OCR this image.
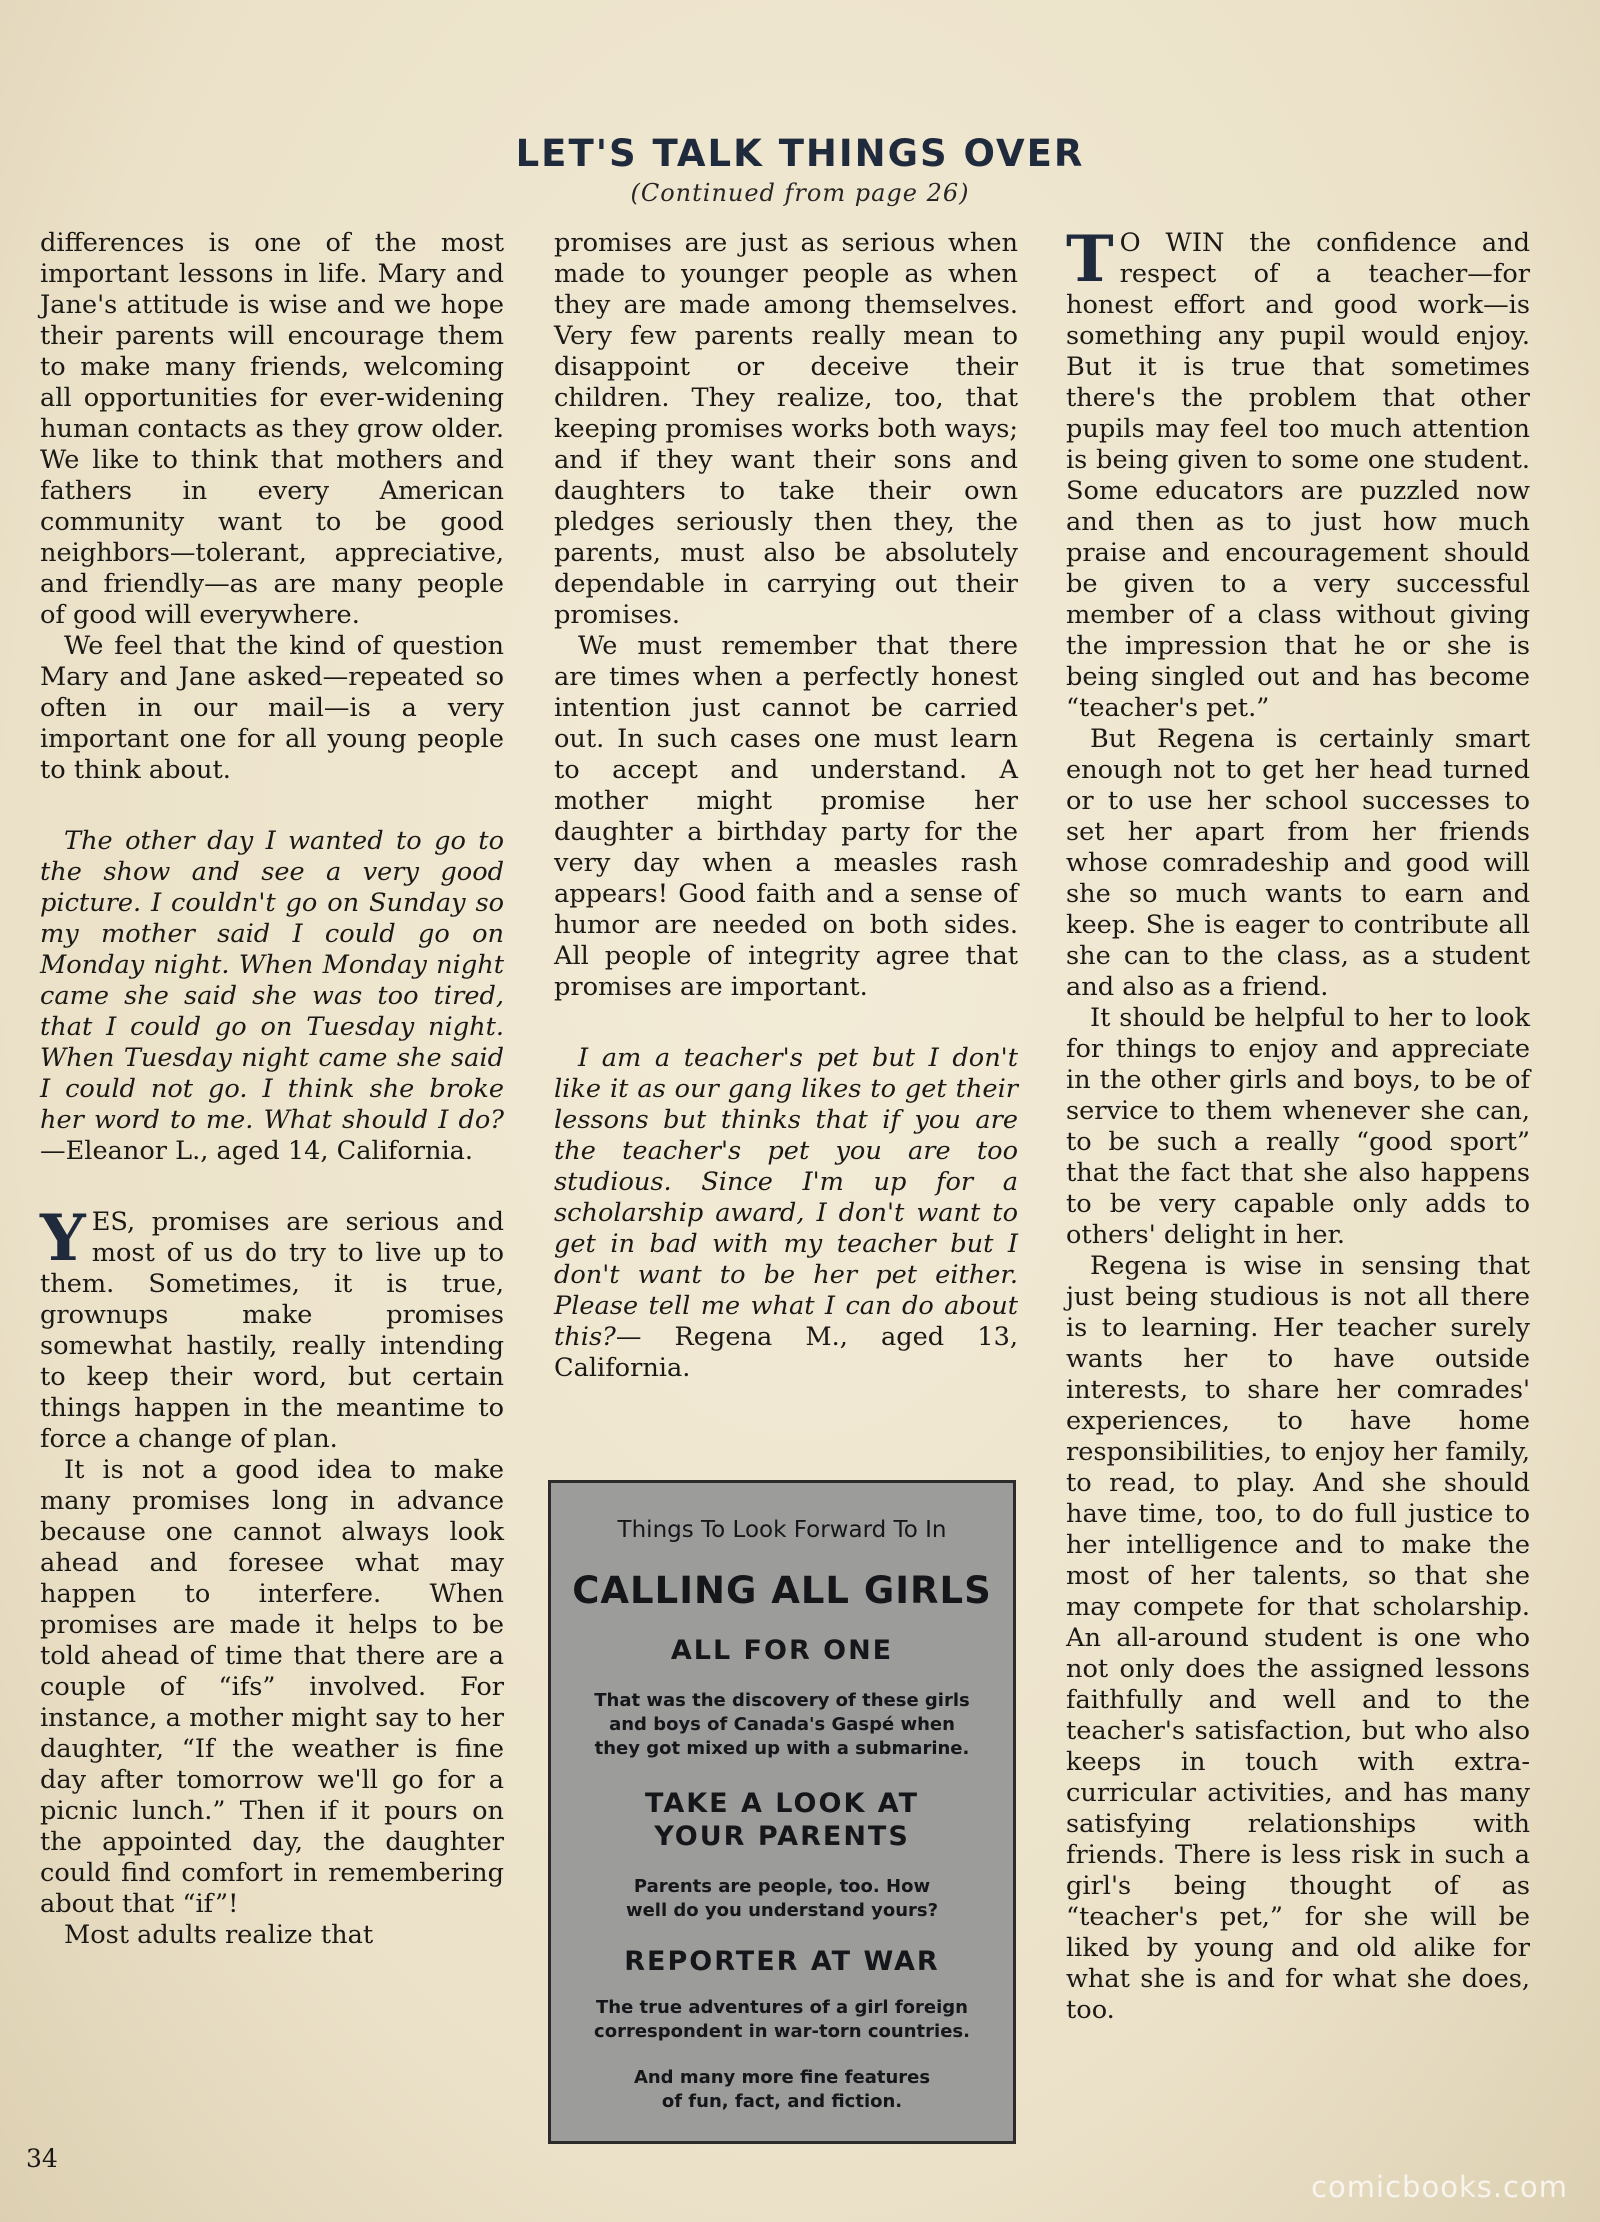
LET'S TALK THINGS OVER
(Continued from page 26)

differences is one of the most important lessons in life. Mary and Jane's attitude is wise and we hope their parents will encourage them to make many friends, welcoming all opportunities for ever-widening human contacts as they grow older. We like to think that mothers and fathers in every American community want to be good neighbors—tolerant, appreciative, and friendly—as are many people of good will everywhere.

We feel that the kind of question Mary and Jane asked—repeated so often in our mail—is a very important one for all young people to think about.

The other day I wanted to go to the show and see a very good picture. I couldn't go on Sunday so my mother said I could go on Monday night. When Monday night came she said she was too tired, that I could go on Tuesday night. When Tuesday night came she said I could not go. I think she broke her word to me. What should I do?—Eleanor L., aged 14, California.

YES, promises are serious and most of us do try to live up to them. Sometimes, it is true, grownups make promises somewhat hastily, really intending to keep their word, but certain things happen in the meantime to force a change of plan.

It is not a good idea to make many promises long in advance because one cannot always look ahead and foresee what may happen to interfere. When promises are made it helps to be told ahead of time that there are a couple of “ifs” involved. For instance, a mother might say to her daughter, “If the weather is fine day after tomorrow we'll go for a picnic lunch.” Then if it pours on the appointed day, the daughter could find comfort in remembering about that “if”!

Most adults realize that

promises are just as serious when made to younger people as when they are made among themselves. Very few parents really mean to disappoint or deceive their children. They realize, too, that keeping promises works both ways; and if they want their sons and daughters to take their own pledges seriously then they, the parents, must also be absolutely dependable in carrying out their promises.

We must remember that there are times when a perfectly honest intention just cannot be carried out. In such cases one must learn to accept and understand. A mother might promise her daughter a birthday party for the very day when a measles rash appears! Good faith and a sense of humor are needed on both sides. All people of integrity agree that promises are important.

I am a teacher's pet but I don't like it as our gang likes to get their lessons but thinks that if you are the teacher's pet you are too studious. Since I'm up for a scholarship award, I don't want to get in bad with my teacher but I don't want to be her pet either. Please tell me what I can do about this?— Regena M., aged 13, California.

T O WIN the confidence and respect of a teacher—for honest effort and good work—is something any pupil would enjoy. But it is true that sometimes there's the problem that other pupils may feel too much attention is being given to some one student. Some educators are puzzled now and then as to just how much praise and encouragement should be given to a very successful member of a class without giving the impression that he or she is being singled out and has become “teacher's pet.”

But Regena is certainly smart enough not to get her head turned or to use her school successes to set her apart from her friends whose comradeship and good will she so much wants to earn and keep. She is eager to contribute all she can to the class, as a student and also as a friend.

It should be helpful to her to look for things to enjoy and appreciate in the other girls and boys, to be of service to them whenever she can, to be such a really “good sport” that the fact that she also happens to be very capable only adds to others' delight in her.

Regena is wise in sensing that just being studious is not all there is to learning. Her teacher surely wants her to have outside interests, to share her comrades' experiences, to have home responsibilities, to enjoy her family, to read, to play. And she should have time, too, to do full justice to her intelligence and to make the most of her talents, so that she may compete for that scholarship. An all-around student is one who not only does the assigned lessons faithfully and well and to the teacher's satisfaction, but who also keeps in touch with extra-curricular activities, and has many satisfying relationships with friends. There is less risk in such a girl's being thought of as “teacher's pet,” for she will be liked by young and old alike for what she is and for what she does, too.

Things To Look Forward To In
CALLING ALL GIRLS
ALL FOR ONE
That was the discovery of these girls and boys of Canada's Gaspé when they got mixed up with a submarine.
TAKE A LOOK AT YOUR PARENTS
Parents are people, too. How well do you understand yours?
REPORTER AT WAR
The true adventures of a girl foreign correspondent in war-torn countries.
And many more fine features of fun, fact, and fiction.
34
comicbooks.com
